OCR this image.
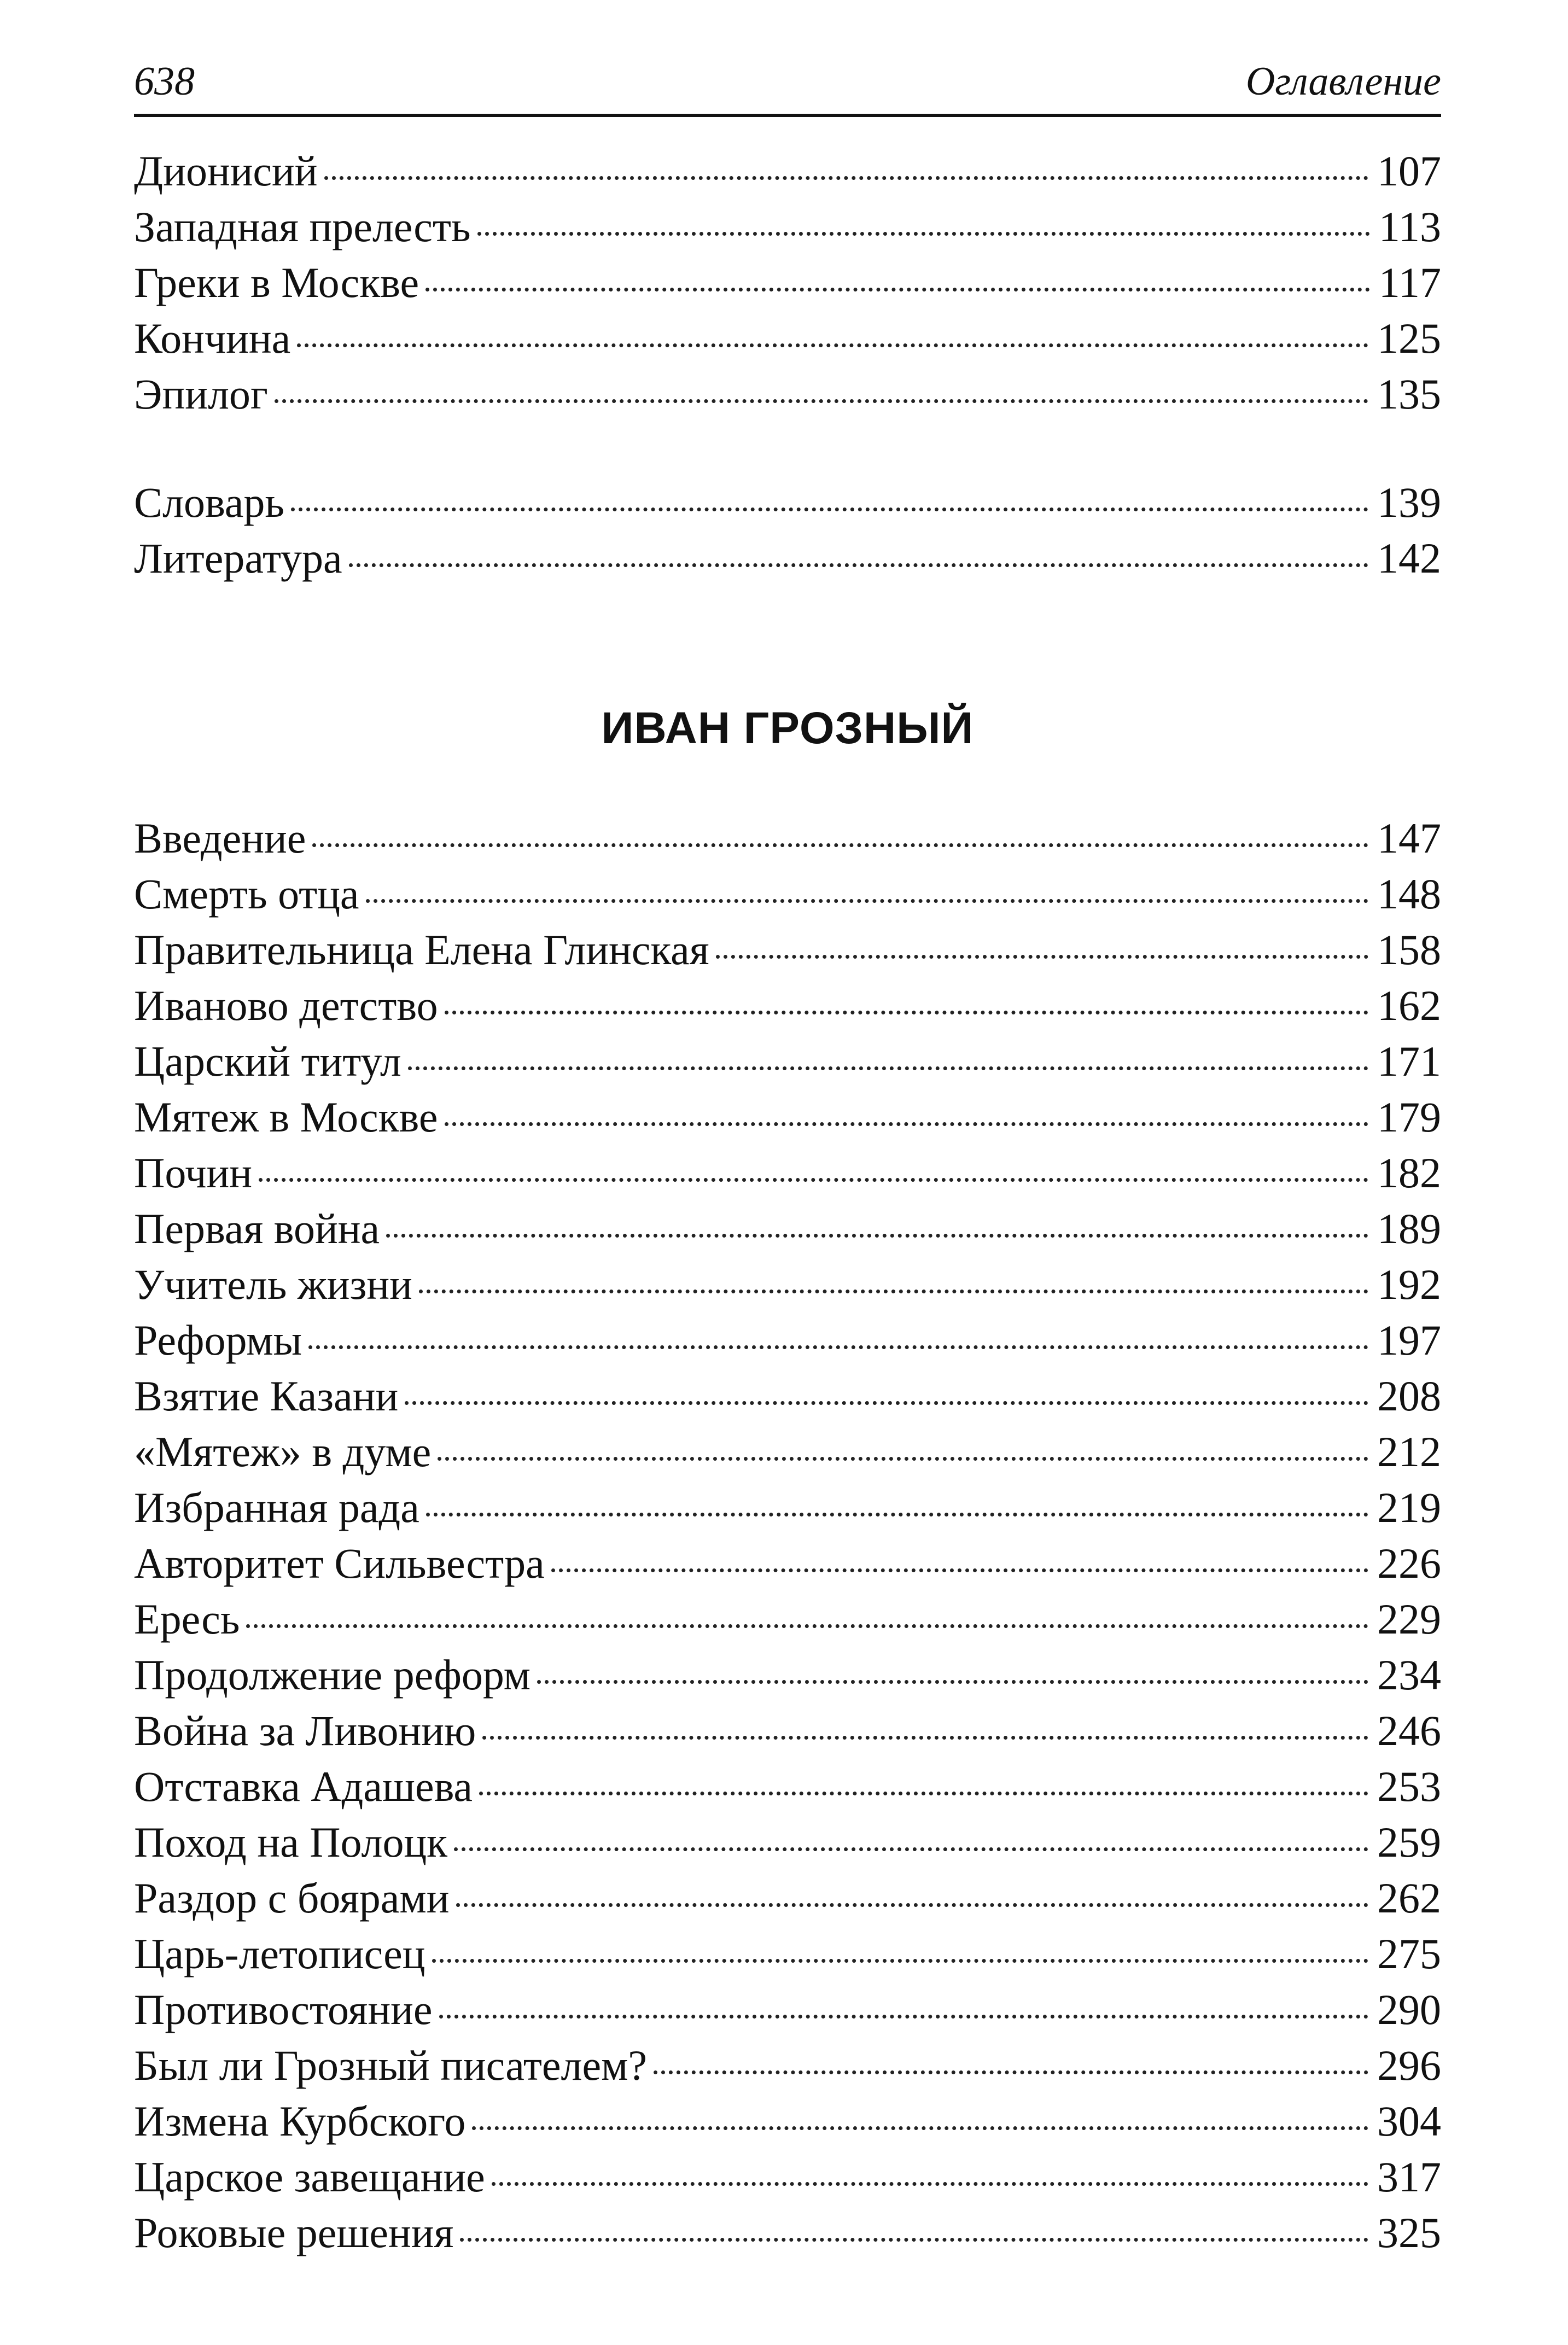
638	Оглавление
Дионисий	107
Западная прелесть	113
Греки в Москве	117
Кончина	125
Эпилог	135
Словарь	139
Литература	142
ИВАН ГРОЗНЫЙ
Введение	147
Смерть отца	148
Правительница Елена Глинская	158
Иваново детство	162
Царский титул	171
Мятеж в Москве	179
Почин	182
Первая война	189
Учитель жизни	192
Реформы	197
Взятие Казани	208
«Мятеж» в думе	212
Избранная рада	219
Авторитет Сильвестра	226
Ересь	229
Продолжение реформ	234
Война за Ливонию	246
Отставка Адашева	253
Поход на Полоцк	259
Раздор с боярами	262
Царь-летописец	275
Противостояние	290
Был ли Грозный писателем?	296
Измена Курбского	304
Царское завещание	317
Роковые решения	325
